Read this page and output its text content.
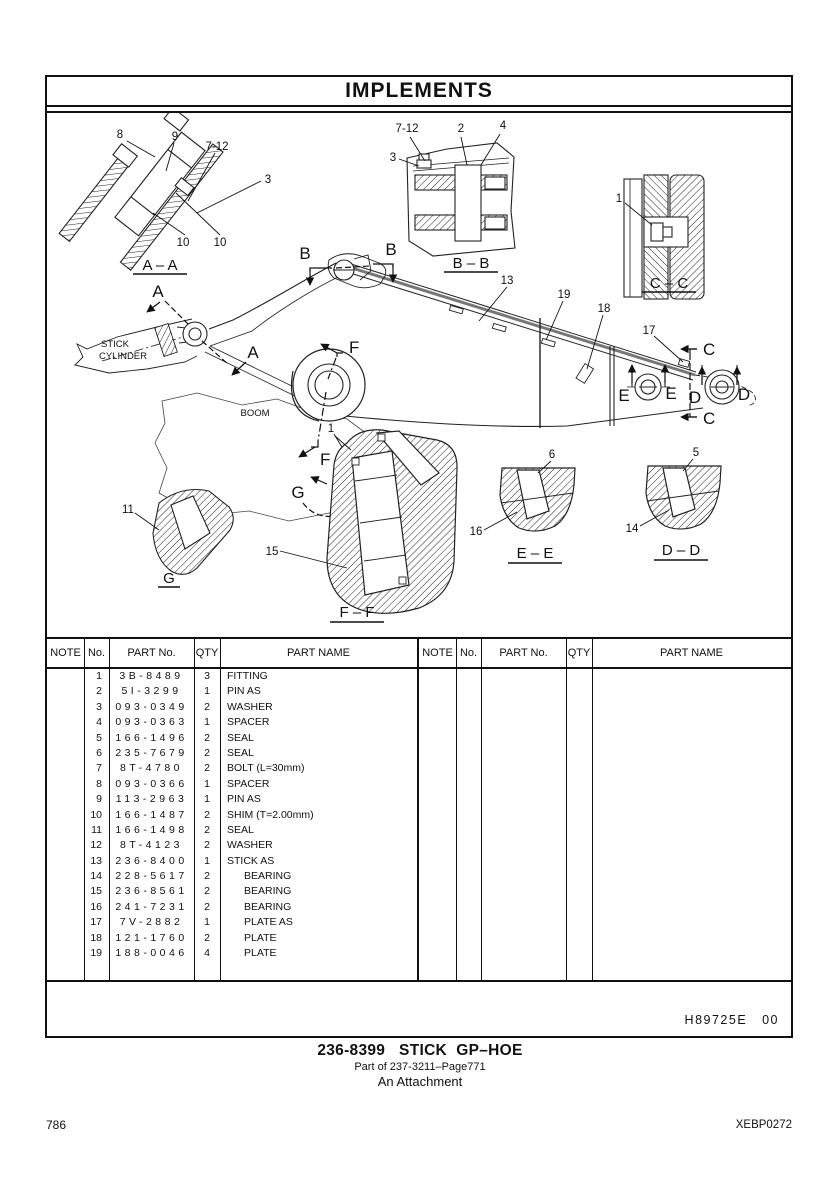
IMPLEMENTS
8	9
7-12
3
10 10
A – A
7-12	2	4
3
B – B
1
C – C
STICK
CYLINDER
BOOM
A
A
B	B
C
C
D D
E E
F
F
G
13
19
18
17
1
11
G
15
F – F
6
16
E – E
5
14
D – D
NOTE No.	PART No.	QTY	PART NAME
1	3B-8489	3	FITTING
2	5I-3299	1	PIN AS
3	093-0349	2	WASHER
4	093-0363	1	SPACER
5	166-1496	2	SEAL
6	235-7679	2	SEAL
7	8T-4780	2	BOLT (L=30mm)
8	093-0366	1	SPACER
9	113-2963	1	PIN AS
10	166-1487	2	SHIM (T=2.00mm)
11	166-1498	2	SEAL
12	8T-4123	2	WASHER
13	236-8400	1	STICK AS
14	228-5617	2	BEARING
15	236-8561	2	BEARING
16	241-7231	2	BEARING
17	7V-2882	1	PLATE AS
18	121-1760	2	PLATE
19	188-0046	4	PLATE
NOTE No.	PART No.	QTY	PART NAME
H89725E   00
236-8399   STICK  GP–HOE
Part of 237-3211–Page771
An Attachment
786	XEBP0272
